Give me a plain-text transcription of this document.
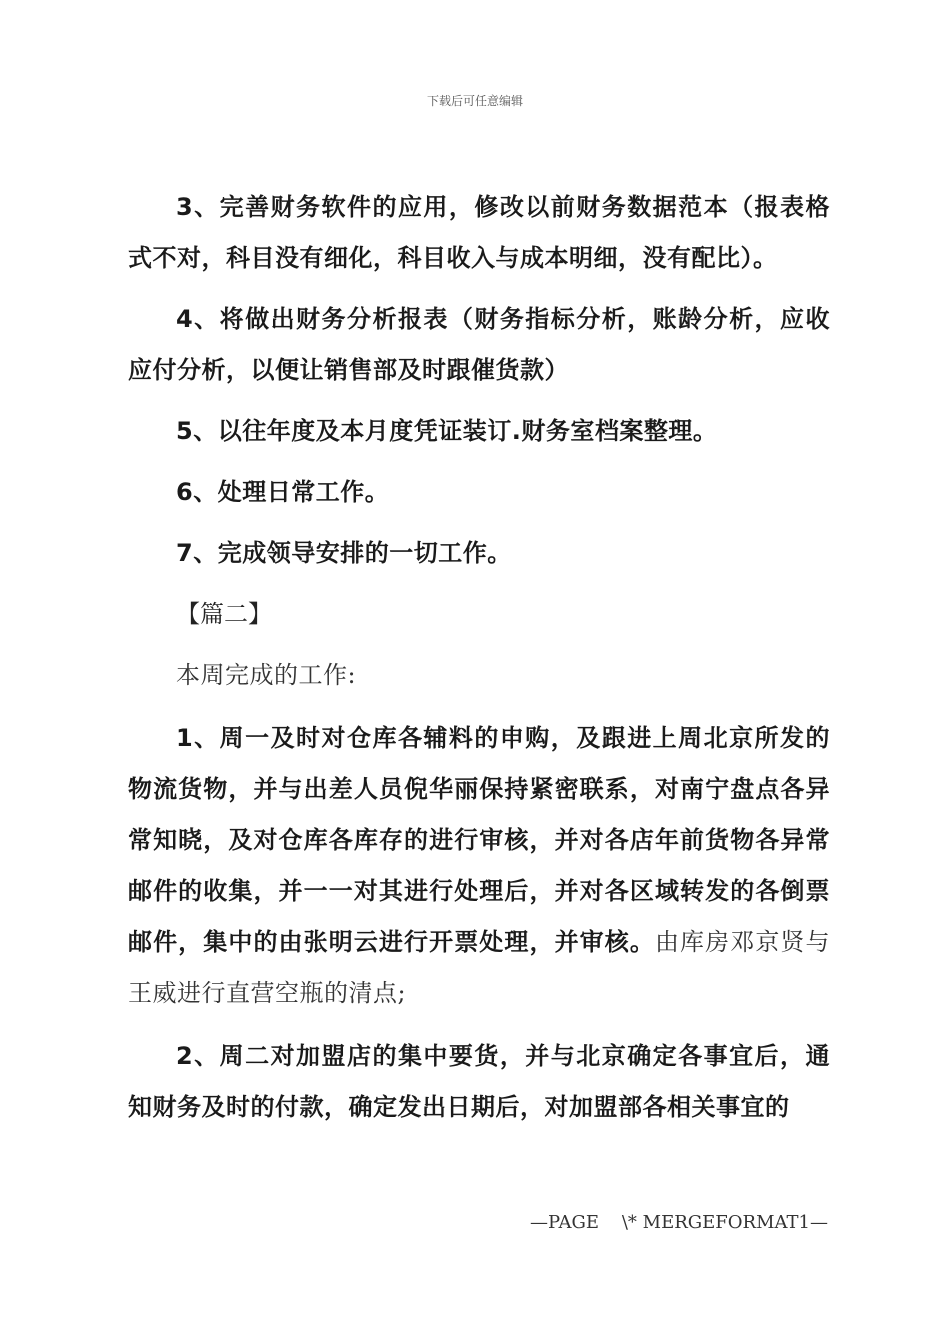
下载后可任意编辑

3、完善财务软件的应用，修改以前财务数据范本（报表格式不对，科目没有细化，科目收入与成本明细，没有配比）。

4、将做出财务分析报表（财务指标分析，账龄分析，应收应付分析，以便让销售部及时跟催货款）

5、以往年度及本月度凭证装订.财务室档案整理。

6、处理日常工作。

7、完成领导安排的一切工作。

【篇二】

本周完成的工作:

1、周一及时对仓库各辅料的申购，及跟进上周北京所发的物流货物，并与出差人员倪华丽保持紧密联系，对南宁盘点各异常知晓，及对仓库各库存的进行审核，并对各店年前货物各异常邮件的收集，并一一对其进行处理后，并对各区域转发的各倒票邮件，集中的由张明云进行开票处理，并审核。由库房邓京贤与王威进行直营空瓶的清点;

2、周二对加盟店的集中要货，并与北京确定各事宜后，通知财务及时的付款，确定发出日期后，对加盟部各相关事宜的

—PAGE    \* MERGEFORMAT1—
